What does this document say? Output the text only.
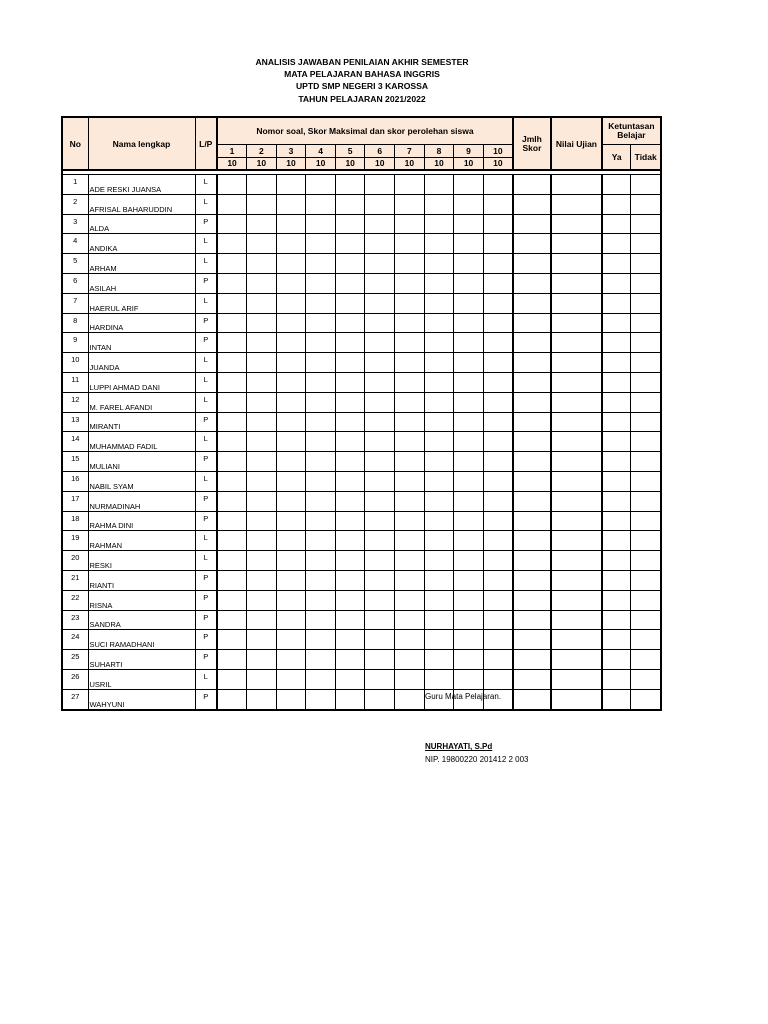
ANALISIS JAWABAN PENILAIAN AKHIR SEMESTER
MATA PELAJARAN BAHASA INGGRIS
UPTD SMP NEGERI 3 KAROSSA
TAHUN PELAJARAN 2021/2022
No	Nama lengkap	L/P	Nomor soal, Skor Maksimal dan skor perolehan siswa										Jmlh Skor	Nilai Ujian	Ketuntasan Belajar	
			1	2	3	4	5	6	7	8	9	10			Ya	Tidak
			10	10	10	10	10	10	10	10	10	10				

1	ADE RESKI JUANSA	L														
2	AFRISAL BAHARUDDIN	L														
3	ALDA	P														
4	ANDIKA	L														
5	ARHAM	L														
6	ASILAH	P														
7	HAERUL ARIF	L														
8	HARDINA	P														
9	INTAN	P														
10	JUANDA	L														
11	LUPPI AHMAD DANI	L														
12	M. FAREL AFANDI	L														
13	MIRANTI	P														
14	MUHAMMAD FADIL	L														
15	MULIANI	P														
16	NABIL SYAM	L														
17	NURMADINAH	P														
18	RAHMA DINI	P														
19	RAHMAN	L														
20	RESKI	L														
21	RIANTI	P														
22	RISNA	P														
23	SANDRA	P														
24	SUCI RAMADHANI	P														
25	SUHARTI	P														
26	USRIL	L														
27	WAHYUNI	P															Guru Mata Pelajaran.
NURHAYATI, S.Pd
NIP. 19800220 201412 2 003
